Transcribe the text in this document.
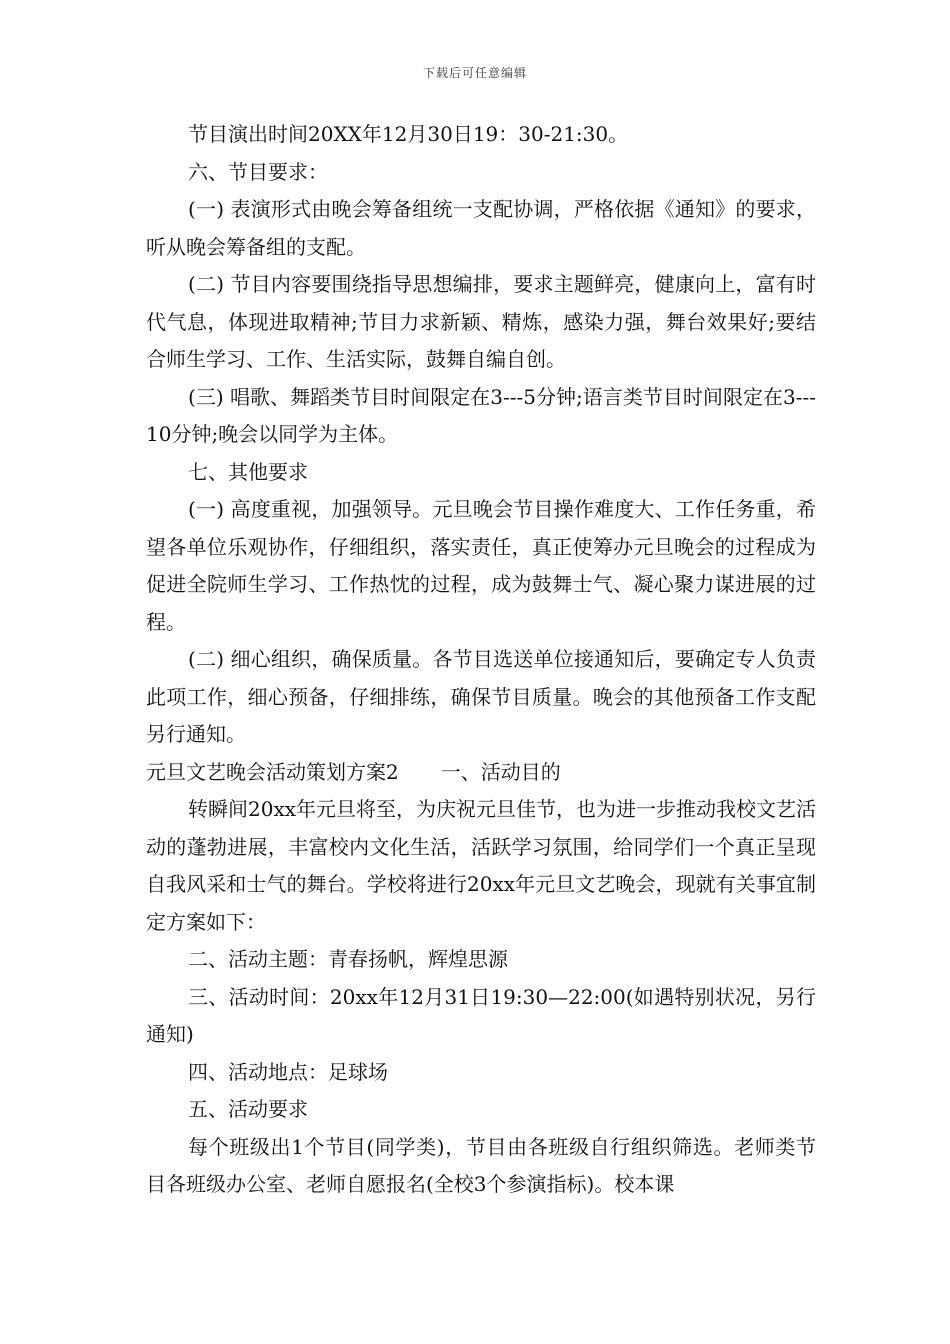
下载后可任意编辑

节目演出时间20XX年12月30日19：30-21:30。

六、节目要求：

(一) 表演形式由晚会筹备组统一支配协调，严格依据《通知》的要求，听从晚会筹备组的支配。

(二) 节目内容要围绕指导思想编排，要求主题鲜亮，健康向上，富有时代气息，体现进取精神;节目力求新颖、精炼，感染力强，舞台效果好;要结合师生学习、工作、生活实际，鼓舞自编自创。

(三) 唱歌、舞蹈类节目时间限定在3---5分钟;语言类节目时间限定在3---10分钟;晚会以同学为主体。

七、其他要求

(一) 高度重视，加强领导。元旦晚会节目操作难度大、工作任务重，希望各单位乐观协作，仔细组织，落实责任，真正使筹办元旦晚会的过程成为促进全院师生学习、工作热忱的过程，成为鼓舞士气、凝心聚力谋进展的过程。

(二) 细心组织，确保质量。各节目选送单位接通知后，要确定专人负责此项工作，细心预备，仔细排练，确保节目质量。晚会的其他预备工作支配另行通知。

元旦文艺晚会活动策划方案2 一、活动目的

转瞬间20xx年元旦将至，为庆祝元旦佳节，也为进一步推动我校文艺活动的蓬勃进展，丰富校内文化生活，活跃学习氛围，给同学们一个真正呈现自我风采和士气的舞台。学校将进行20xx年元旦文艺晚会，现就有关事宜制定方案如下：

二、活动主题：青春扬帆，辉煌思源

三、活动时间：20xx年12月31日19:30—22:00(如遇特别状况，另行通知)

四、活动地点：足球场

五、活动要求

每个班级出1个节目(同学类)，节目由各班级自行组织筛选。老师类节目各班级办公室、老师自愿报名(全校3个参演指标)。校本课
